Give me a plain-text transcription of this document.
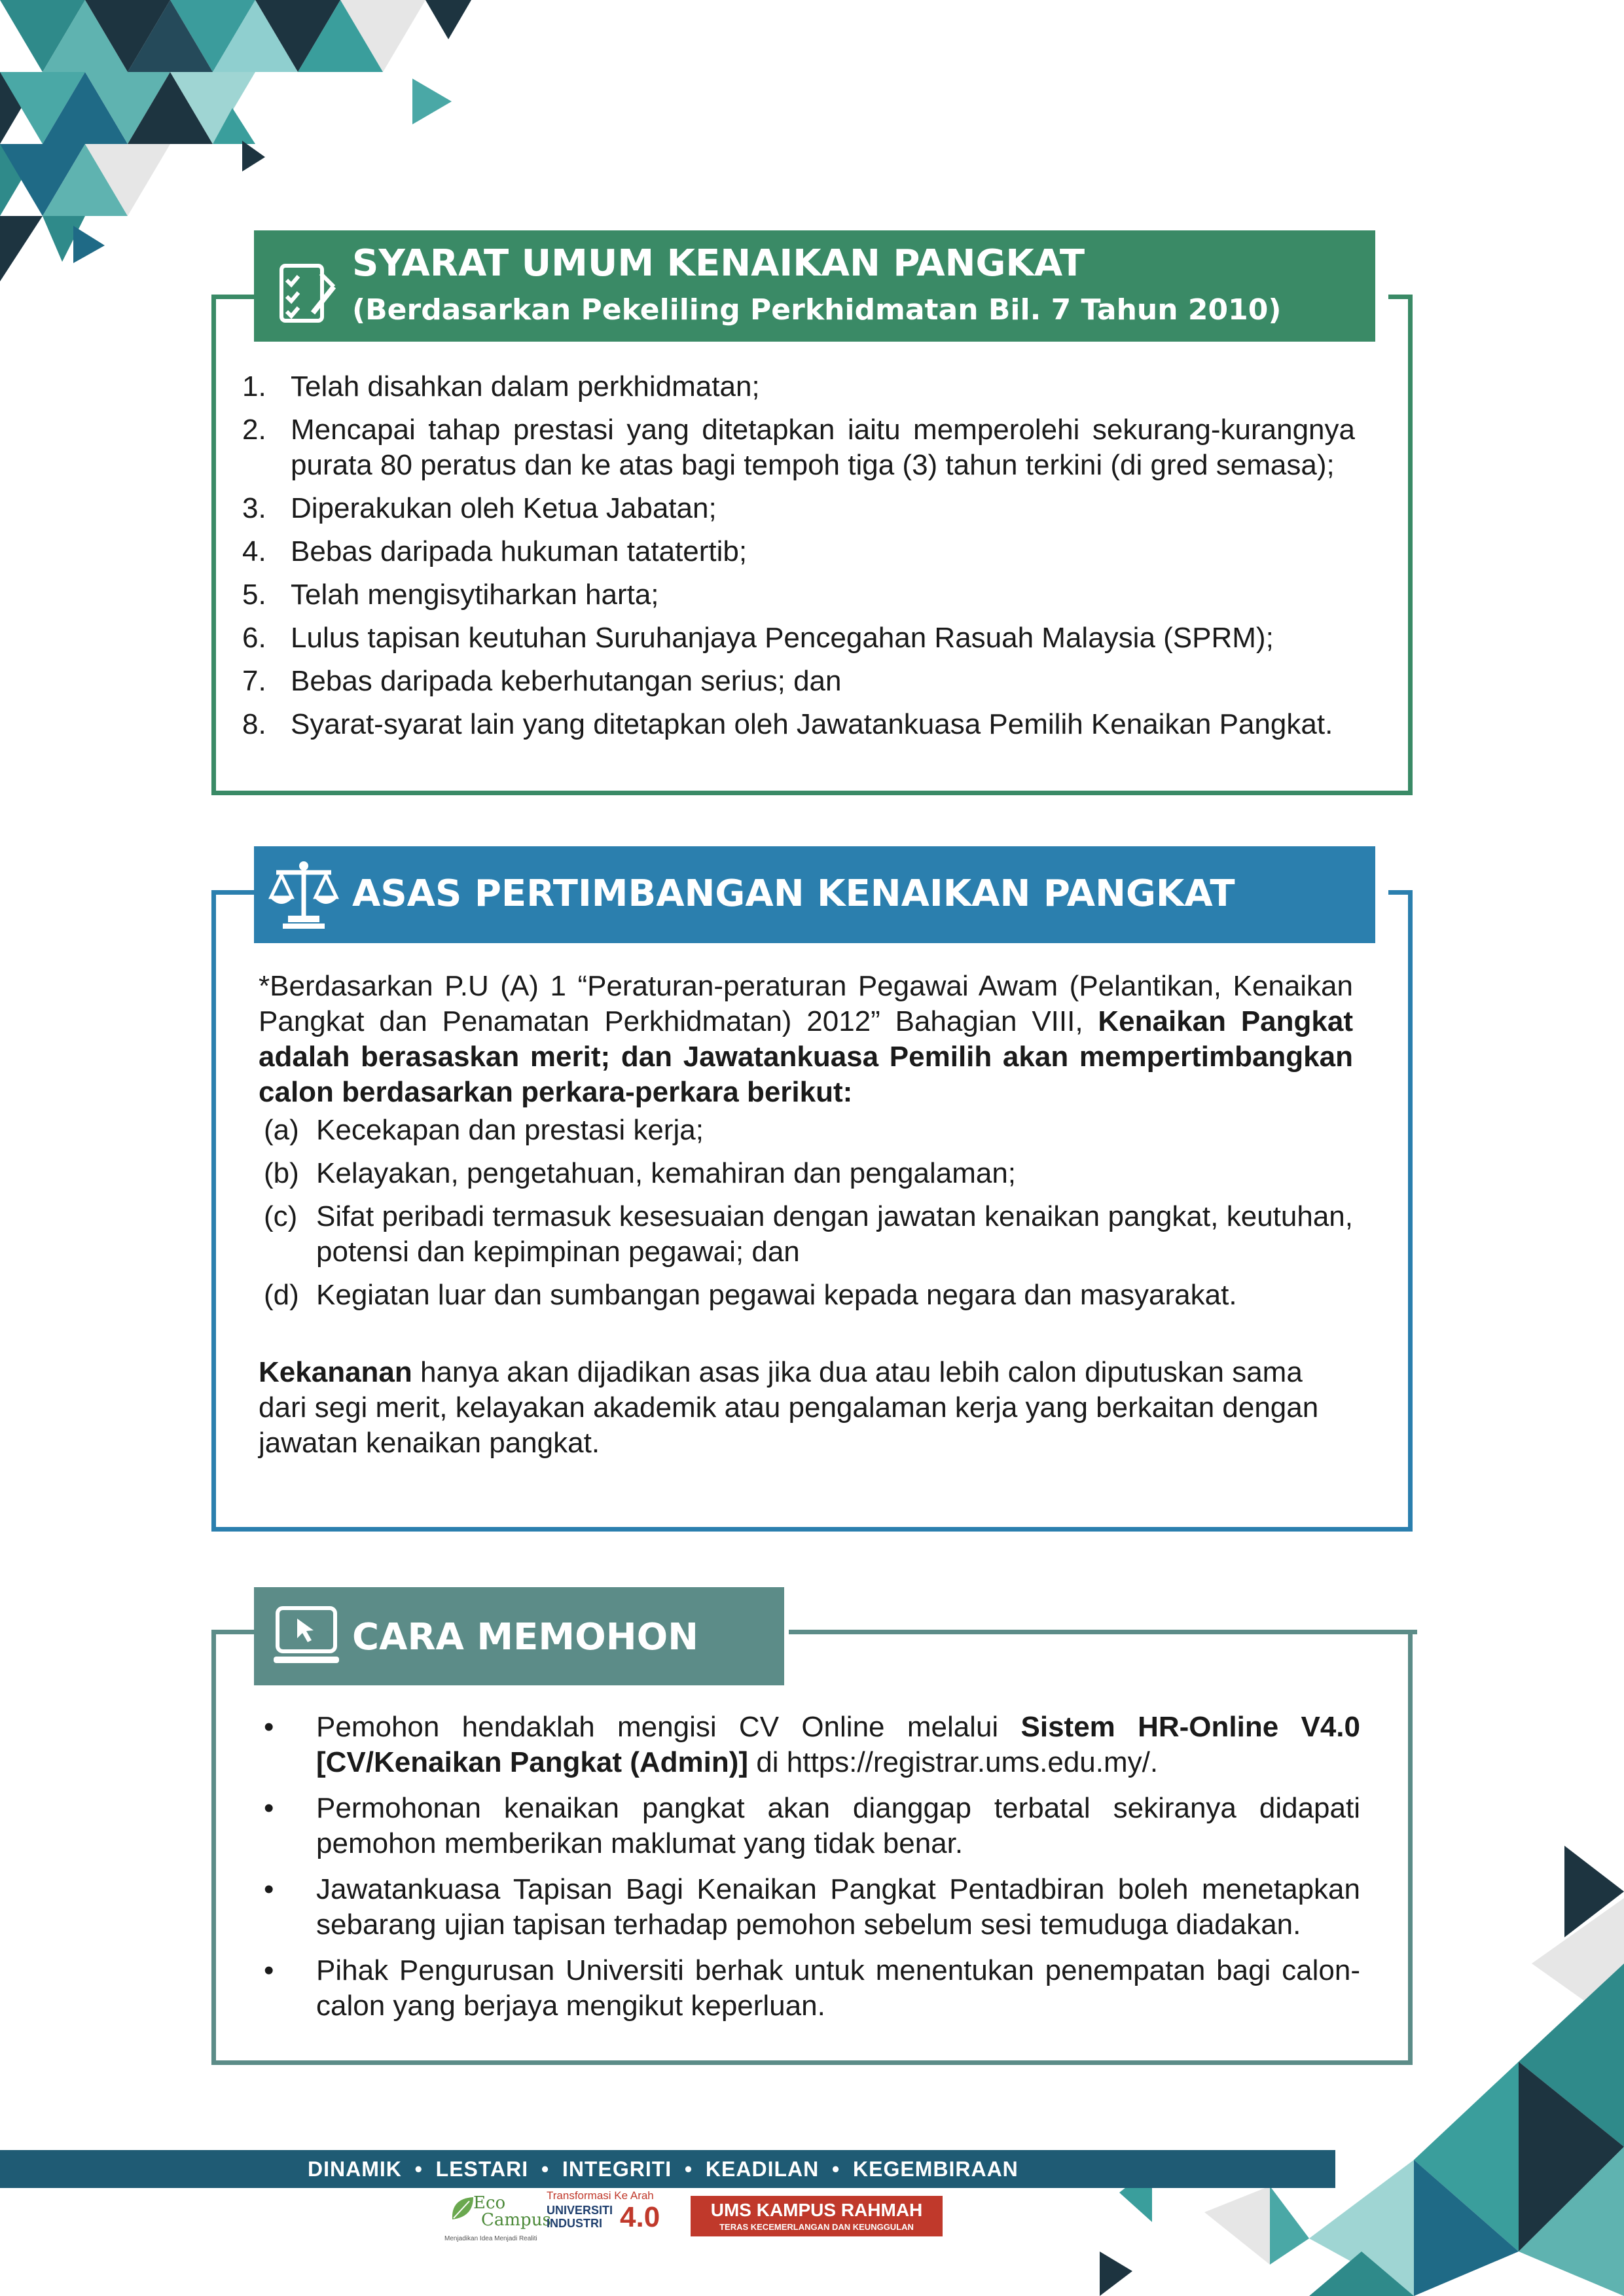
SYARAT UMUM KENAIKAN PANGKAT
(Berdasarkan Pekeliling Perkhidmatan Bil. 7 Tahun 2010)
1. Telah disahkan dalam perkhidmatan;
2. Mencapai tahap prestasi yang ditetapkan iaitu memperolehi sekurang-kurangnya purata 80 peratus dan ke atas bagi tempoh tiga (3) tahun terkini (di gred semasa);
3. Diperakukan oleh Ketua Jabatan;
4. Bebas daripada hukuman tatatertib;
5. Telah mengisytiharkan harta;
6. Lulus tapisan keutuhan Suruhanjaya Pencegahan Rasuah Malaysia (SPRM);
7. Bebas daripada keberhutangan serius; dan
8. Syarat-syarat lain yang ditetapkan oleh Jawatankuasa Pemilih Kenaikan Pangkat.
ASAS PERTIMBANGAN KENAIKAN PANGKAT

*Berdasarkan P.U (A) 1 “Peraturan-peraturan Pegawai Awam (Pelantikan, Kenaikan Pangkat dan Penamatan Perkhidmatan) 2012” Bahagian VIII, Kenaikan Pangkat adalah berasaskan merit; dan Jawatankuasa Pemilih akan mempertimbangkan calon berdasarkan perkara-perkara berikut:

(a) Kecekapan dan prestasi kerja;
(b) Kelayakan, pengetahuan, kemahiran dan pengalaman;
(c) Sifat peribadi termasuk kesesuaian dengan jawatan kenaikan pangkat, keutuhan, potensi dan kepimpinan pegawai; dan
(d) Kegiatan luar dan sumbangan pegawai kepada negara dan masyarakat.

Kekananan hanya akan dijadikan asas jika dua atau lebih calon diputuskan sama dari segi merit, kelayakan akademik atau pengalaman kerja yang berkaitan dengan jawatan kenaikan pangkat.

CARA MEMOHON
• Pemohon hendaklah mengisi CV Online melalui Sistem HR-Online V4.0 [CV/Kenaikan Pangkat (Admin)] di https://registrar.ums.edu.my/.
• Permohonan kenaikan pangkat akan dianggap terbatal sekiranya didapati pemohon memberikan maklumat yang tidak benar.
• Jawatankuasa Tapisan Bagi Kenaikan Pangkat Pentadbiran boleh menetapkan sebarang ujian tapisan terhadap pemohon sebelum sesi temuduga diadakan.
• Pihak Pengurusan Universiti berhak untuk menentukan penempatan bagi calon-calon yang berjaya mengikut keperluan.
DINAMIK  •  LESTARI  •  INTEGRITI  •  KEADILAN  •  KEGEMBIRAAN
Eco
Campus
Menjadikan Idea Menjadi Realiti
Transformasi Ke Arah
UNIVERSITI
INDUSTRI 4.0	UMS KAMPUS RAHMAH
TERAS KECEMERLANGAN DAN KEUNGGULAN
